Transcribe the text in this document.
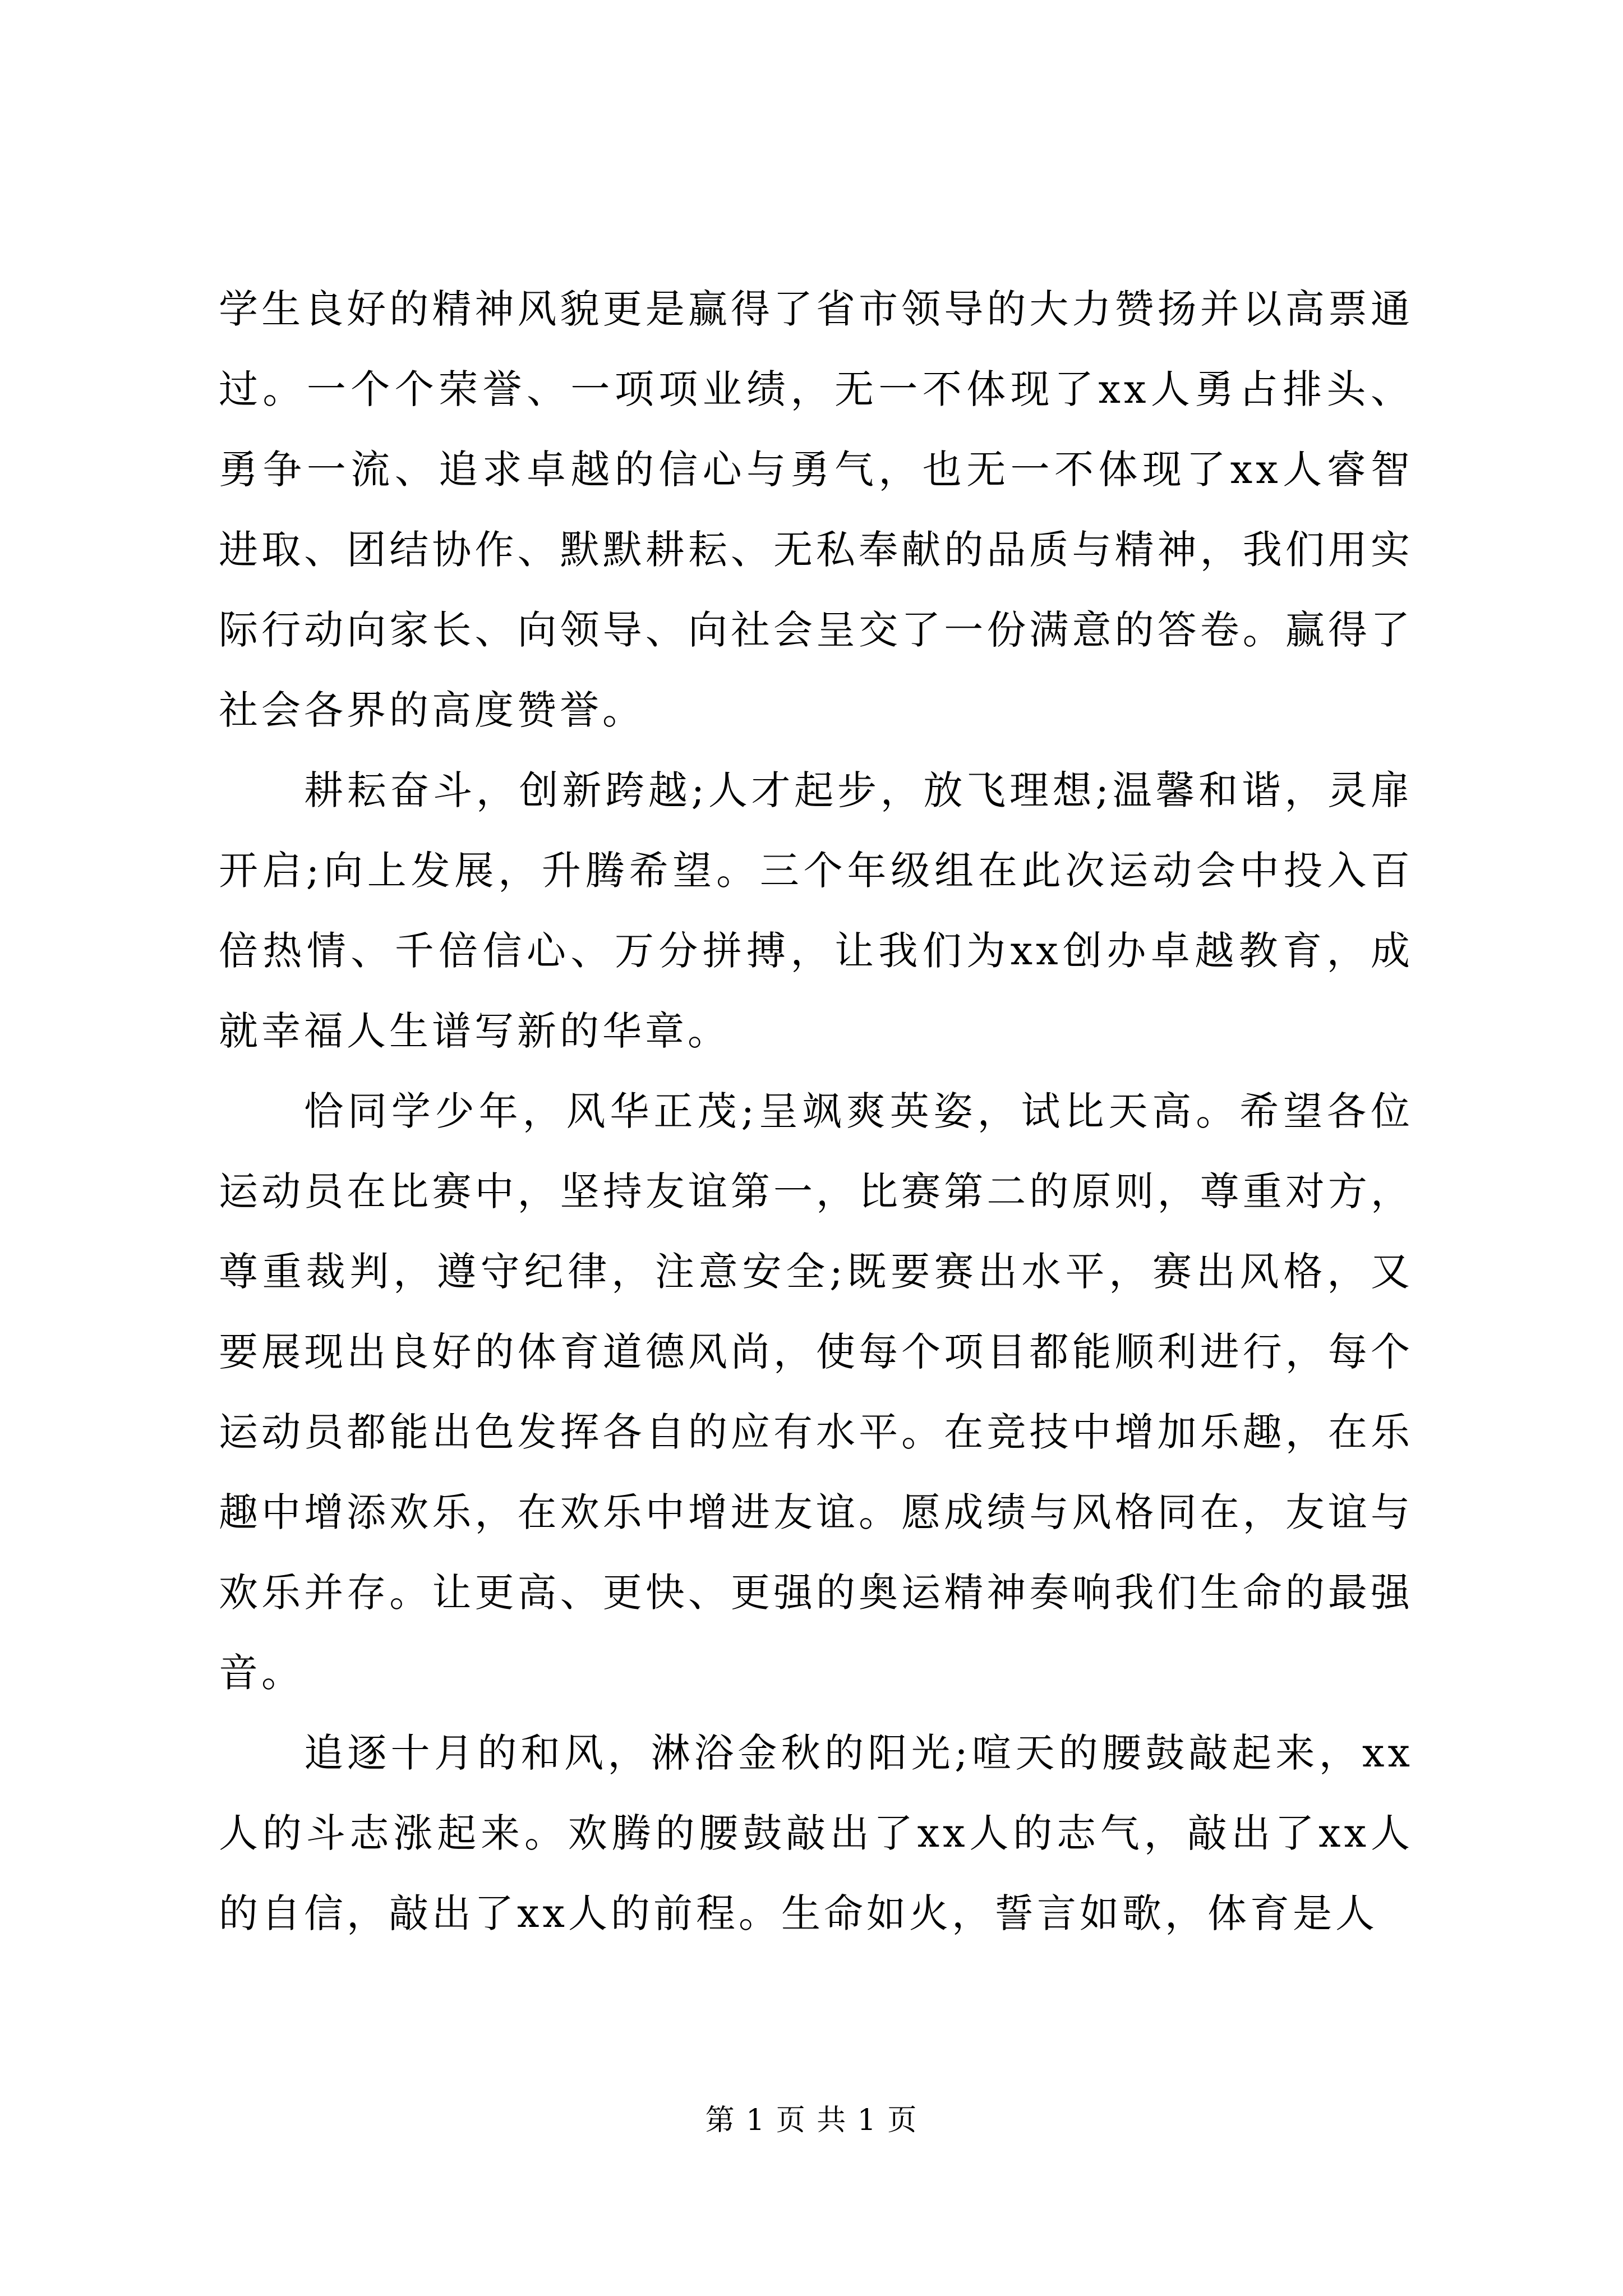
学生良好的精神风貌更是赢得了省市领导的大力赞扬并以高票通过。一个个荣誉、一项项业绩，无一不体现了xx人勇占排头、勇争一流、追求卓越的信心与勇气，也无一不体现了xx人睿智进取、团结协作、默默耕耘、无私奉献的品质与精神，我们用实际行动向家长、向领导、向社会呈交了一份满意的答卷。赢得了社会各界的高度赞誉。

耕耘奋斗，创新跨越;人才起步，放飞理想;温馨和谐，灵扉开启;向上发展，升腾希望。三个年级组在此次运动会中投入百倍热情、千倍信心、万分拼搏，让我们为xx创办卓越教育，成就幸福人生谱写新的华章。

恰同学少年，风华正茂;呈飒爽英姿，试比天高。希望各位运动员在比赛中，坚持友谊第一，比赛第二的原则，尊重对方，尊重裁判，遵守纪律，注意安全;既要赛出水平，赛出风格，又要展现出良好的体育道德风尚，使每个项目都能顺利进行，每个运动员都能出色发挥各自的应有水平。在竞技中增加乐趣，在乐趣中增添欢乐，在欢乐中增进友谊。愿成绩与风格同在，友谊与欢乐并存。让更高、更快、更强的奥运精神奏响我们生命的最强音。

追逐十月的和风，淋浴金秋的阳光;喧天的腰鼓敲起来，xx人的斗志涨起来。欢腾的腰鼓敲出了xx人的志气，敲出了xx人的自信，敲出了xx人的前程。生命如火，誓言如歌，体育是人

第 1 页 共 1 页
